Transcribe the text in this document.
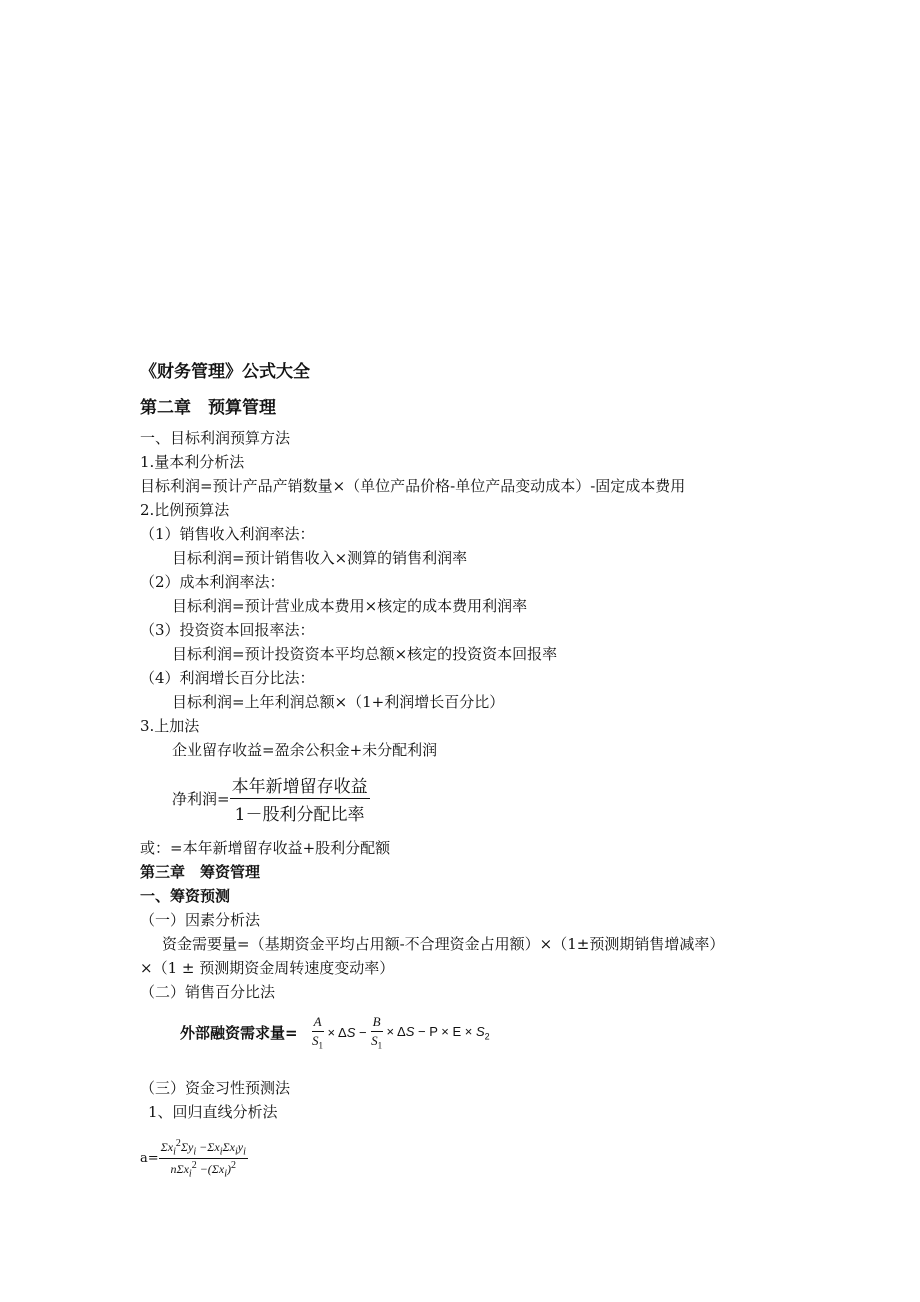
《财务管理》公式大全
第二章　预算管理
一、目标利润预算方法
1.量本利分析法
目标利润=预计产品产销数量×（单位产品价格-单位产品变动成本）-固定成本费用
2.比例预算法
（1）销售收入利润率法：
目标利润=预计销售收入×测算的销售利润率
（2）成本利润率法：
目标利润=预计营业成本费用×核定的成本费用利润率
（3）投资资本回报率法：
目标利润=预计投资资本平均总额×核定的投资资本回报率
（4）利润增长百分比法：
目标利润=上年利润总额×（1+利润增长百分比）
3.上加法
企业留存收益=盈余公积金+未分配利润
净利润= $\frac{\text{本年新增留存收益}}{\text{1－股利分配比率}}$
或：=本年新增留存收益+股利分配额
第三章　筹资管理
一、筹资预测
（一）因素分析法
资金需要量=（基期资金平均占用额-不合理资金占用额）×（1±预测期销售增减率）
×（1 ± 预测期资金周转速度变动率）
（二）销售百分比法
外部融资需求量= $\frac{A}{S_1} \times \Delta S - \frac{B}{S_1} \times \Delta S - P \times E \times S_2$
（三）资金习性预测法
1、回归直线分析法
$a= \frac{\Sigma x_i^2\Sigma y_i -\Sigma x_i\Sigma x_iy_i}{n\Sigma x_i^2 -(\Sigma x_i)^2}$
